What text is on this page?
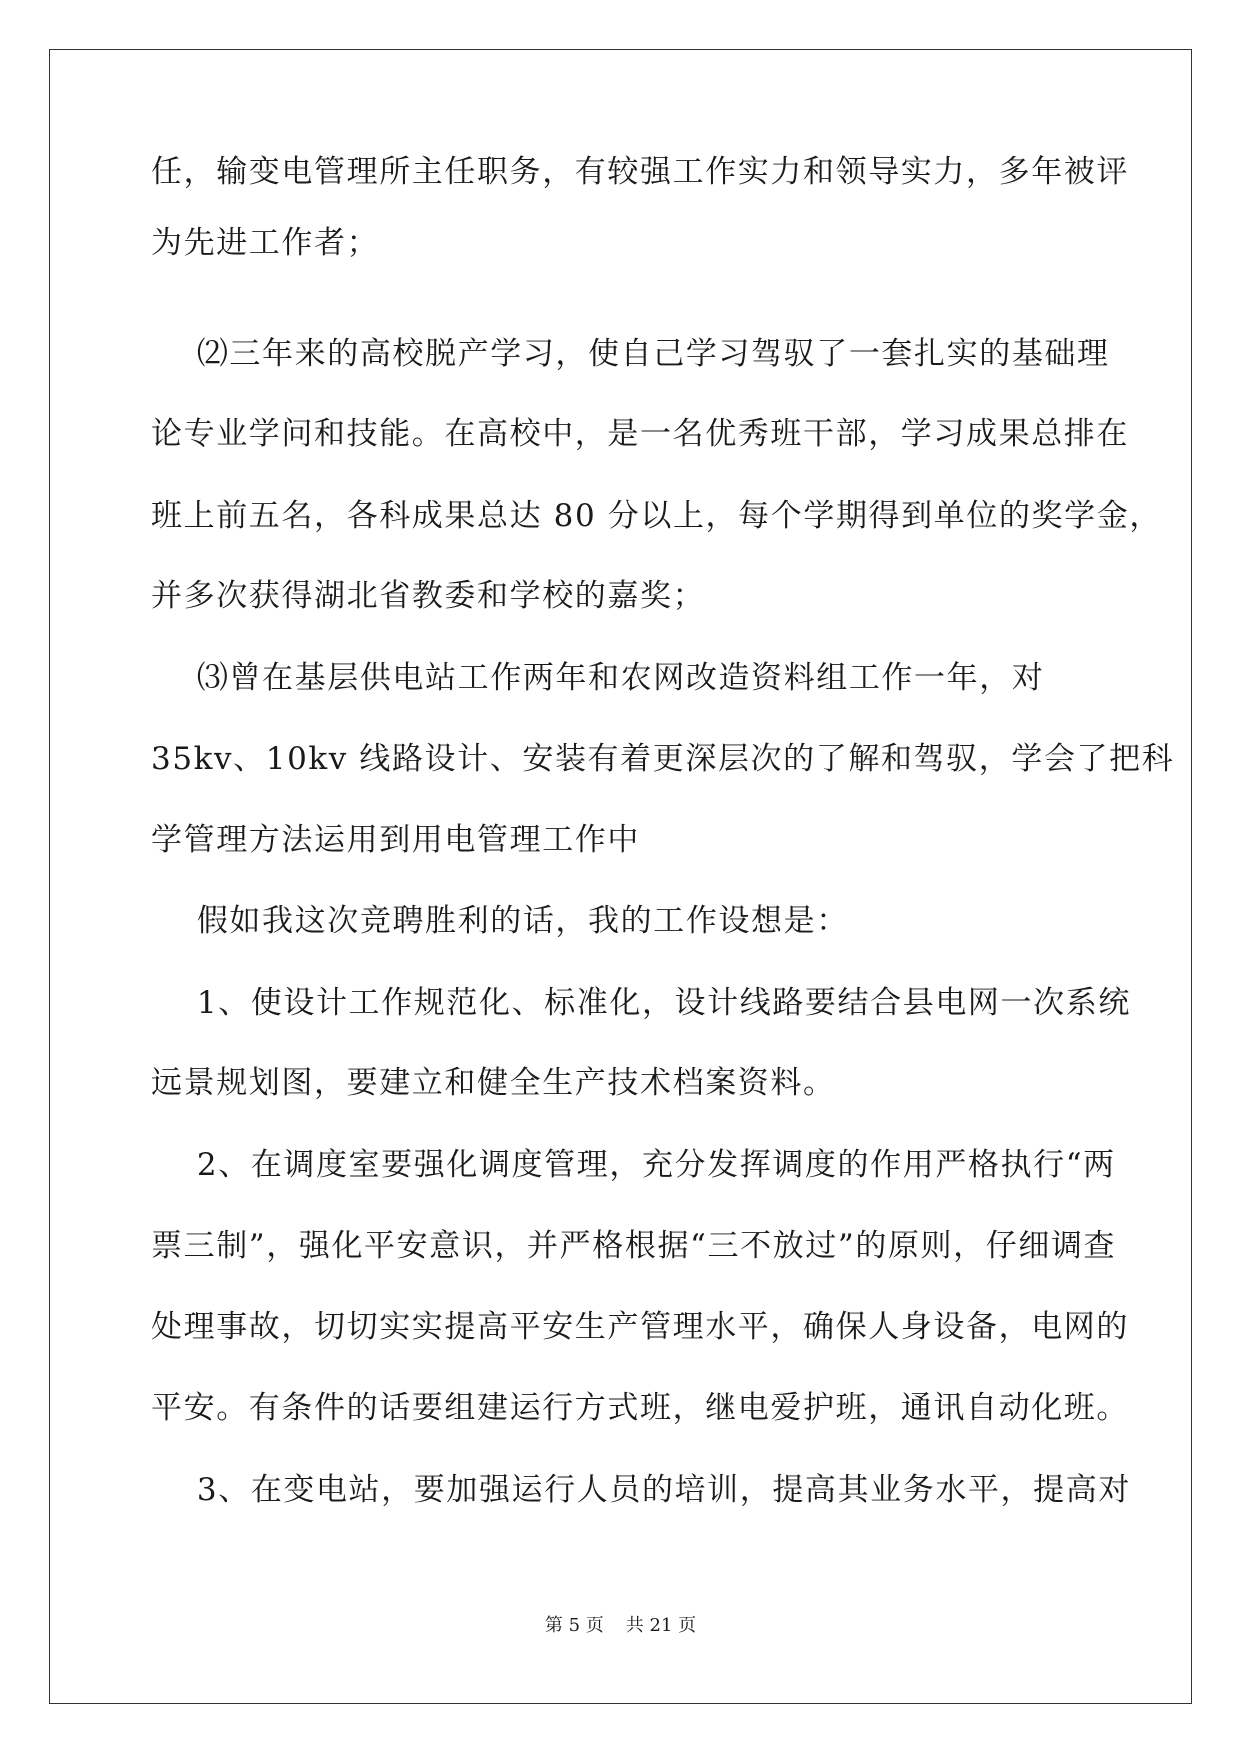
任，输变电管理所主任职务，有较强工作实力和领导实力，多年被评
为先进工作者；
⑵三年来的高校脱产学习，使自己学习驾驭了一套扎实的基础理
论专业学问和技能。在高校中，是一名优秀班干部，学习成果总排在
班上前五名，各科成果总达 80 分以上，每个学期得到单位的奖学金，
并多次获得湖北省教委和学校的嘉奖；
⑶曾在基层供电站工作两年和农网改造资料组工作一年，对
35kv、10kv 线路设计、安装有着更深层次的了解和驾驭，学会了把科
学管理方法运用到用电管理工作中
假如我这次竞聘胜利的话，我的工作设想是：
1、使设计工作规范化、标准化，设计线路要结合县电网一次系统
远景规划图，要建立和健全生产技术档案资料。
2、在调度室要强化调度管理，充分发挥调度的作用严格执行“两
票三制”，强化平安意识，并严格根据“三不放过”的原则，仔细调查
处理事故，切切实实提高平安生产管理水平，确保人身设备，电网的
平安。有条件的话要组建运行方式班，继电爱护班，通讯自动化班。
3、在变电站，要加强运行人员的培训，提高其业务水平，提高对
第 5 页 共 21 页
